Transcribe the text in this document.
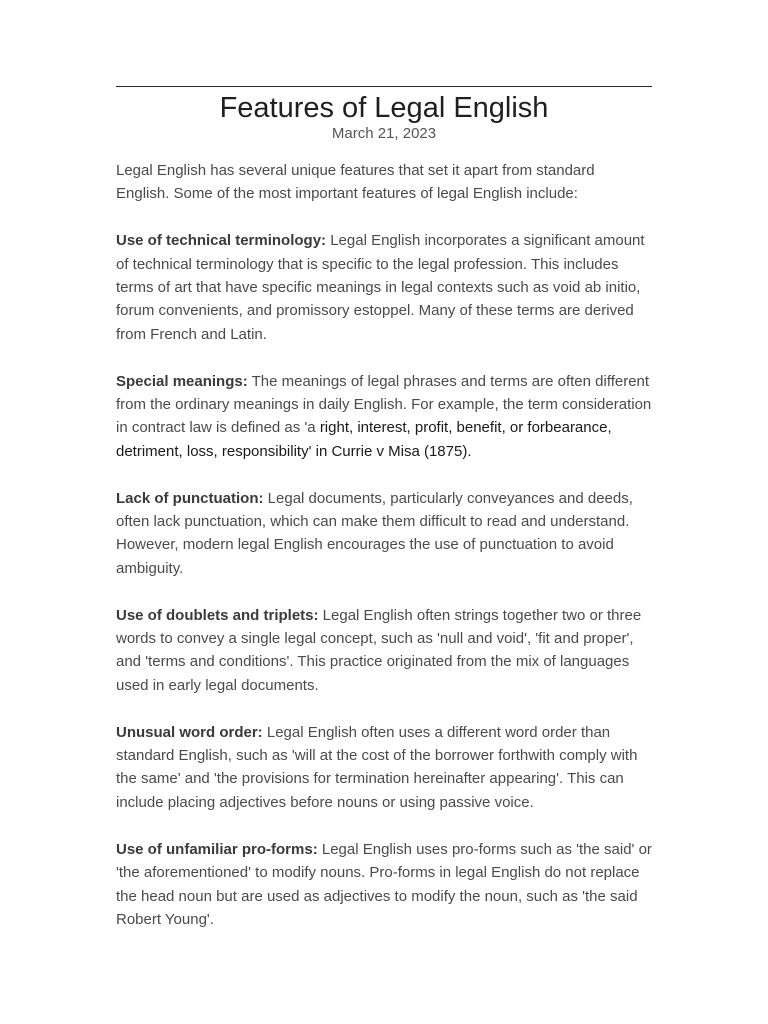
Features of Legal English
March 21, 2023

Legal English has several unique features that set it apart from standard English. Some of the most important features of legal English include:

Use of technical terminology: Legal English incorporates a significant amount of technical terminology that is specific to the legal profession. This includes terms of art that have specific meanings in legal contexts such as void ab initio, forum convenients, and promissory estoppel. Many of these terms are derived from French and Latin.

Special meanings: The meanings of legal phrases and terms are often different from the ordinary meanings in daily English. For example, the term consideration in contract law is defined as 'a right, interest, profit, benefit, or forbearance, detriment, loss, responsibility' in Currie v Misa (1875).

Lack of punctuation: Legal documents, particularly conveyances and deeds, often lack punctuation, which can make them difficult to read and understand. However, modern legal English encourages the use of punctuation to avoid ambiguity.

Use of doublets and triplets: Legal English often strings together two or three words to convey a single legal concept, such as 'null and void', 'fit and proper', and 'terms and conditions'. This practice originated from the mix of languages used in early legal documents.

Unusual word order: Legal English often uses a different word order than standard English, such as 'will at the cost of the borrower forthwith comply with the same' and 'the provisions for termination hereinafter appearing'. This can include placing adjectives before nouns or using passive voice.

Use of unfamiliar pro-forms: Legal English uses pro-forms such as 'the said' or 'the aforementioned' to modify nouns. Pro-forms in legal English do not replace the head noun but are used as adjectives to modify the noun, such as 'the said Robert Young'.
